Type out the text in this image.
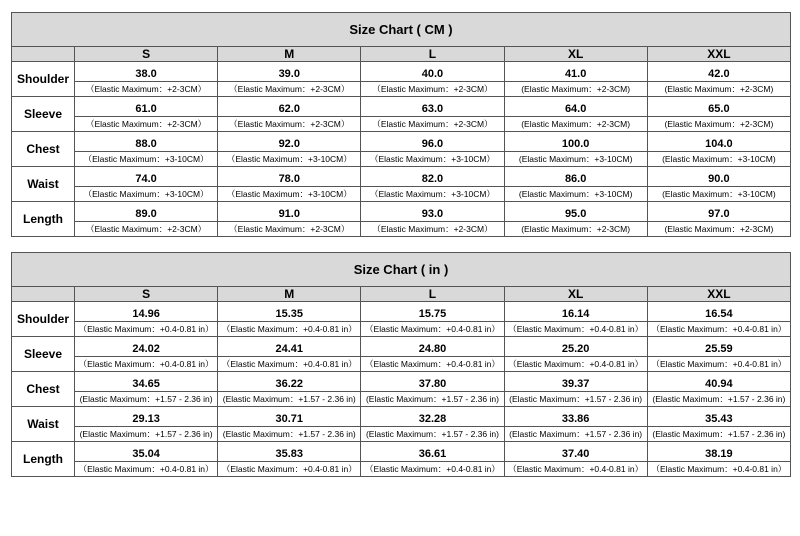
Size Chart ( CM )					
	S	M	L	XL	XXL
Shoulder	38.0	39.0	40.0	41.0	42.0
	（Elastic Maximum：+2-3CM）	（Elastic Maximum：+2-3CM）	（Elastic Maximum：+2-3CM）	(Elastic Maximum：+2-3CM)	(Elastic Maximum：+2-3CM)
Sleeve	61.0	62.0	63.0	64.0	65.0
	（Elastic Maximum：+2-3CM）	（Elastic Maximum：+2-3CM）	（Elastic Maximum：+2-3CM）	(Elastic Maximum：+2-3CM)	(Elastic Maximum：+2-3CM)
Chest	88.0	92.0	96.0	100.0	104.0
	（Elastic Maximum：+3-10CM）	（Elastic Maximum：+3-10CM）	（Elastic Maximum：+3-10CM）	(Elastic Maximum：+3-10CM)	(Elastic Maximum：+3-10CM)
Waist	74.0	78.0	82.0	86.0	90.0
	（Elastic Maximum：+3-10CM）	（Elastic Maximum：+3-10CM）	（Elastic Maximum：+3-10CM）	(Elastic Maximum：+3-10CM)	(Elastic Maximum：+3-10CM)
Length	89.0	91.0	93.0	95.0	97.0
	（Elastic Maximum：+2-3CM）	（Elastic Maximum：+2-3CM）	（Elastic Maximum：+2-3CM）	(Elastic Maximum：+2-3CM)	(Elastic Maximum：+2-3CM)
Size Chart ( in )					
	S	M	L	XL	XXL
Shoulder	14.96	15.35	15.75	16.14	16.54
	（Elastic Maximum：+0.4-0.81 in）	（Elastic Maximum：+0.4-0.81 in）	（Elastic Maximum：+0.4-0.81 in）	（Elastic Maximum：+0.4-0.81 in）	（Elastic Maximum：+0.4-0.81 in）
Sleeve	24.02	24.41	24.80	25.20	25.59
	（Elastic Maximum：+0.4-0.81 in）	（Elastic Maximum：+0.4-0.81 in）	（Elastic Maximum：+0.4-0.81 in）	（Elastic Maximum：+0.4-0.81 in）	（Elastic Maximum：+0.4-0.81 in）
Chest	34.65	36.22	37.80	39.37	40.94
	(Elastic Maximum：+1.57 - 2.36 in)	(Elastic Maximum：+1.57 - 2.36 in)	(Elastic Maximum：+1.57 - 2.36 in)	(Elastic Maximum：+1.57 - 2.36 in)	(Elastic Maximum：+1.57 - 2.36 in)
Waist	29.13	30.71	32.28	33.86	35.43
	(Elastic Maximum：+1.57 - 2.36 in)	(Elastic Maximum：+1.57 - 2.36 in)	(Elastic Maximum：+1.57 - 2.36 in)	(Elastic Maximum：+1.57 - 2.36 in)	(Elastic Maximum：+1.57 - 2.36 in)
Length	35.04	35.83	36.61	37.40	38.19
	（Elastic Maximum：+0.4-0.81 in）	（Elastic Maximum：+0.4-0.81 in）	（Elastic Maximum：+0.4-0.81 in）	（Elastic Maximum：+0.4-0.81 in）	（Elastic Maximum：+0.4-0.81 in）
